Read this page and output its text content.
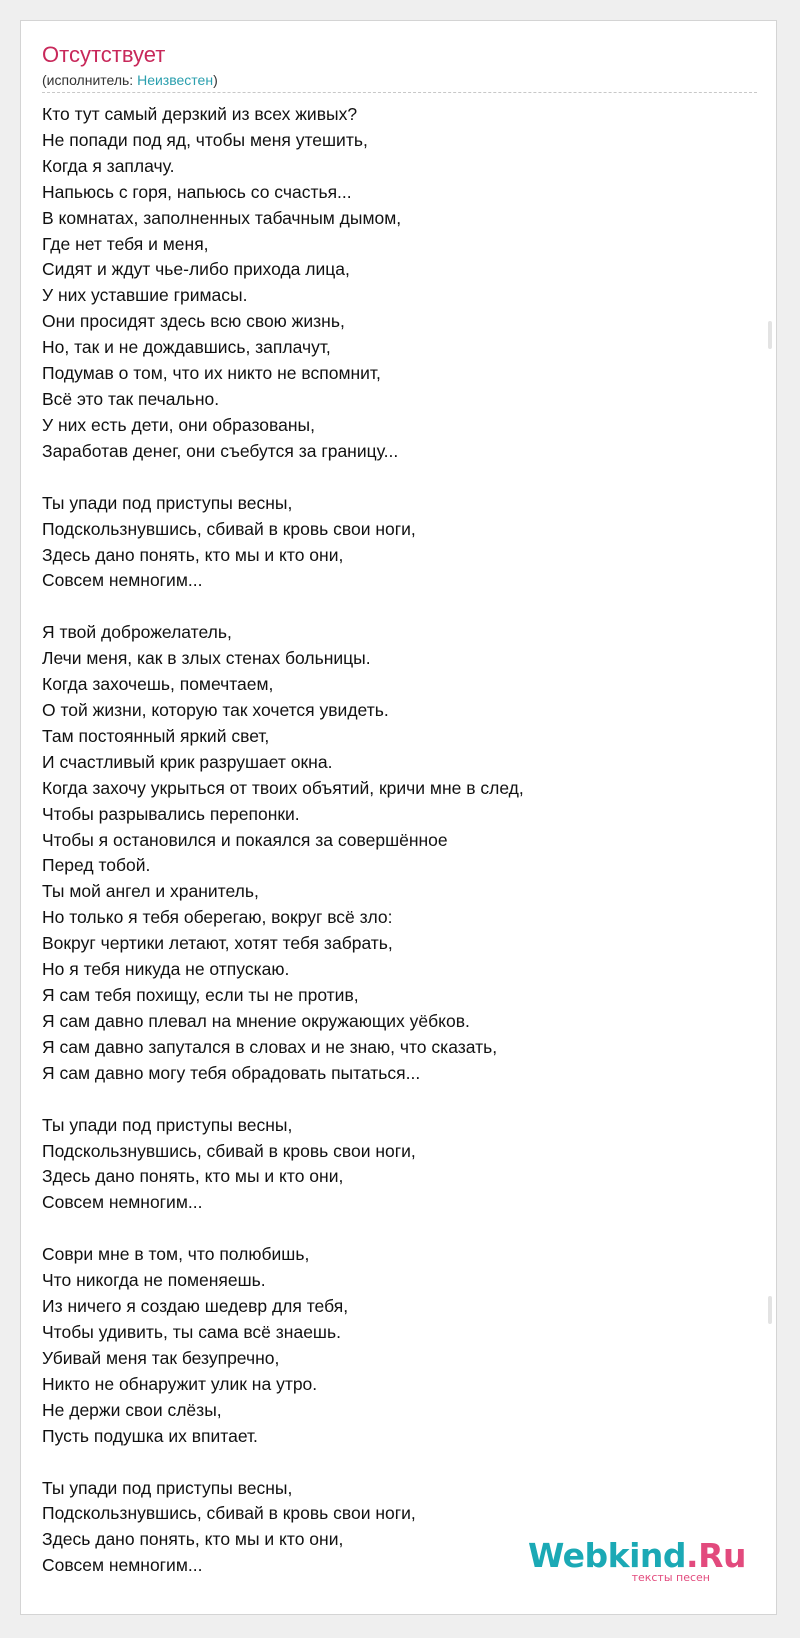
Отсутствует
(исполнитель: Неизвестен)
Кто тут самый дерзкий из всех живых?
Не попади под яд, чтобы меня утешить,
Когда я заплачу.
Напьюсь с горя, напьюсь со счастья...
В комнатах, заполненных табачным дымом,
Где нет тебя и меня,
Сидят и ждут чье-либо прихода лица,
У них уставшие гримасы.
Они просидят здесь всю свою жизнь,
Но, так и не дождавшись, заплачут,
Подумав о том, что их никто не вспомнит,
Всё это так печально.
У них есть дети, они образованы,
Заработав денег, они съебутся за границу...
Ты упади под приступы весны,
Подскользнувшись, сбивай в кровь свои ноги,
Здесь дано понять, кто мы и кто они,
Совсем немногим...
Я твой доброжелатель,
Лечи меня, как в злых стенах больницы.
Когда захочешь, помечтаем,
О той жизни, которую так хочется увидеть.
Там постоянный яркий свет,
И счастливый крик разрушает окна.
Когда захочу укрыться от твоих объятий, кричи мне в след,
Чтобы разрывались перепонки.
Чтобы я остановился и покаялся за совершённое
Перед тобой.
Ты мой ангел и хранитель,
Но только я тебя оберегаю, вокруг всё зло:
Вокруг чертики летают, хотят тебя забрать,
Но я тебя никуда не отпускаю.
Я сам тебя похищу, если ты не против,
Я сам давно плевал на мнение окружающих уёбков.
Я сам давно запутался в словах и не знаю, что сказать,
Я сам давно могу тебя обрадовать пытаться...
Ты упади под приступы весны,
Подскользнувшись, сбивай в кровь свои ноги,
Здесь дано понять, кто мы и кто они,
Совсем немногим...
Соври мне в том, что полюбишь,
Что никогда не поменяешь.
Из ничего я создаю шедевр для тебя,
Чтобы удивить, ты сама всё знаешь.
Убивай меня так безупречно,
Никто не обнаружит улик на утро.
Не держи свои слёзы,
Пусть подушка их впитает.
Ты упади под приступы весны,
Подскользнувшись, сбивай в кровь свои ноги,
Здесь дано понять, кто мы и кто они,
Совсем немногим...	Webkind.Ru
тексты песен
